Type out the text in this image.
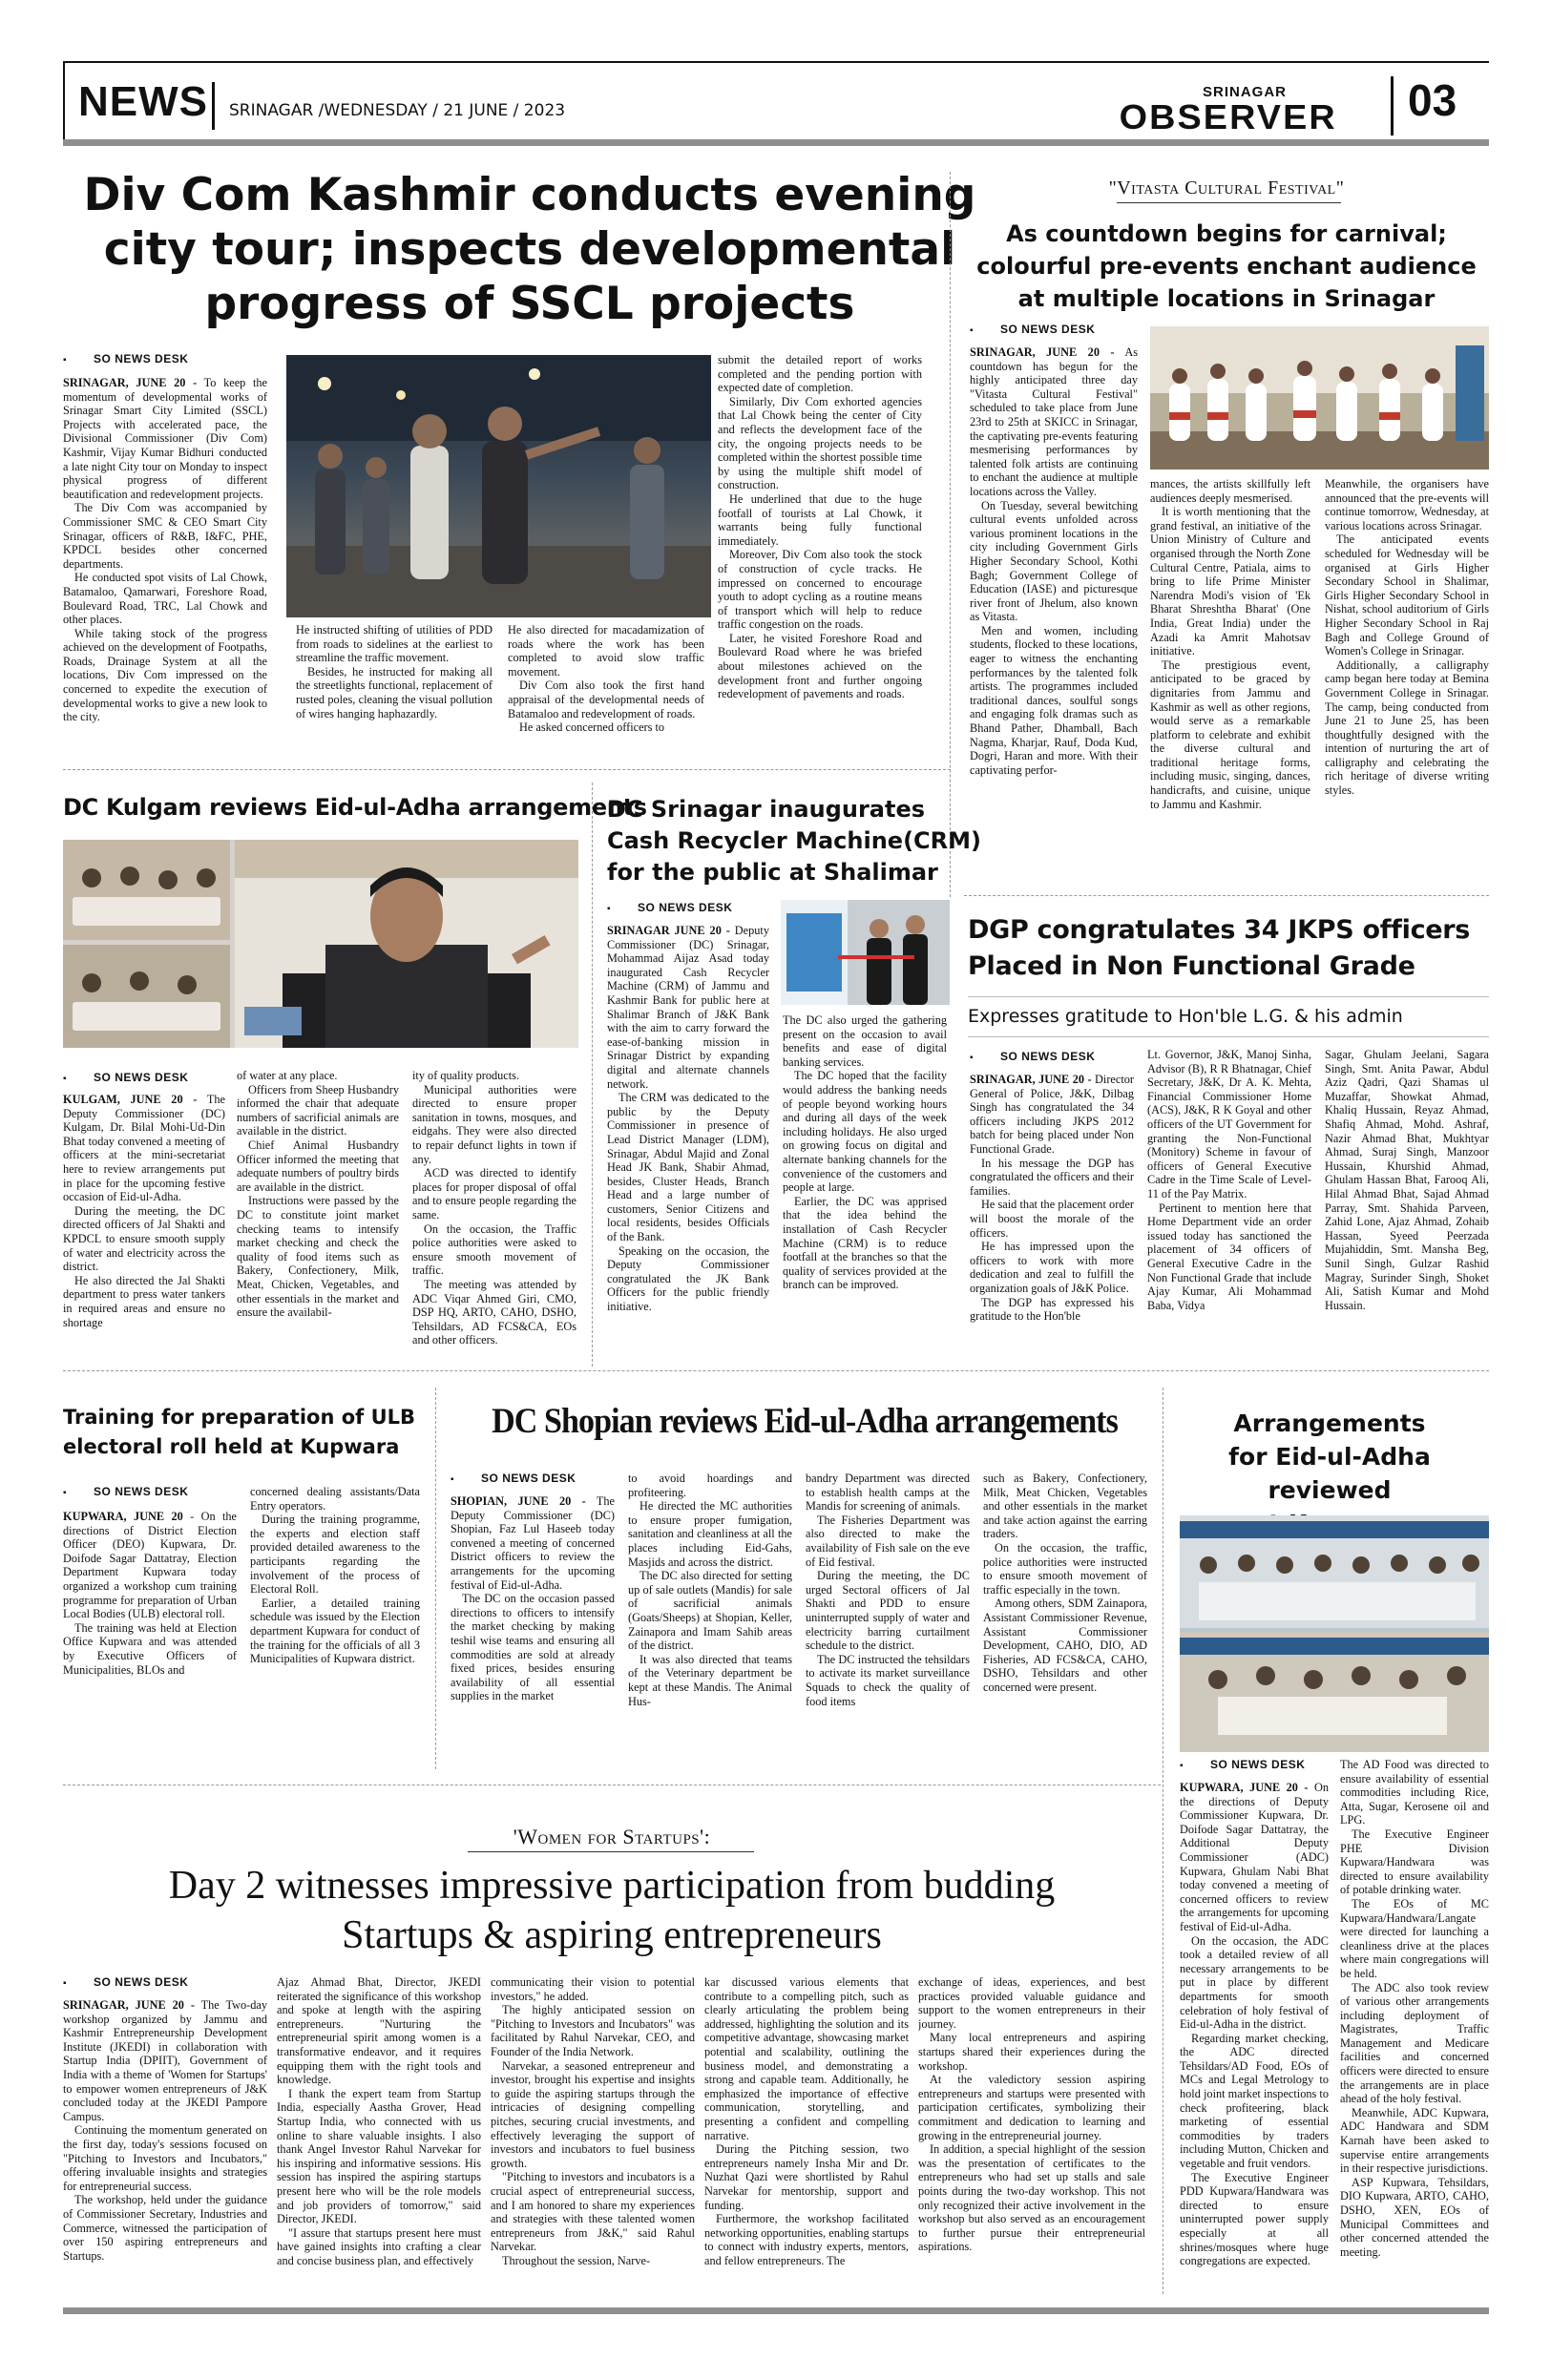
NEWS SRINAGAR /WEDNESDAY / 21 JUNE / 2023
SRINAGAR
OBSERVER 03
Div Com Kashmir conducts evening
city tour; inspects developmental
progress of SSCL projects
▪ SO NEWS DESK

SRINAGAR, JUNE 20 - To keep the momentum of developmental works of Srinagar Smart City Limited (SSCL) Projects with accelerated pace, the Divisional Commissioner (Div Com) Kashmir, Vijay Kumar Bidhuri conducted a late night City tour on Monday to inspect physical progress of different beautification and redevelopment projects.

The Div Com was accompanied by Commissioner SMC & CEO Smart City Srinagar, officers of R&B, I&FC, PHE, KPDCL besides other concerned departments.

He conducted spot visits of Lal Chowk, Batamaloo, Qamarwari, Foreshore Road, Boulevard Road, TRC, Lal Chowk and other places.

While taking stock of the progress achieved on the development of Footpaths, Roads, Drainage System at all the locations, Div Com impressed on the concerned to expedite the execution of developmental works to give a new look to the city.

He instructed shifting of utilities of PDD from roads to sidelines at the earliest to streamline the traffic movement.

Besides, he instructed for making all the streetlights functional, replacement of rusted poles, cleaning the visual pollution of wires hanging haphazardly.

He also directed for macadamization of roads where the work has been completed to avoid slow traffic movement.

Div Com also took the first hand appraisal of the developmental needs of Batamaloo and redevelopment of roads.

He asked concerned officers to

submit the detailed report of works completed and the pending portion with expected date of completion.

Similarly, Div Com exhorted agencies that Lal Chowk being the center of City and reflects the development face of the city, the ongoing projects needs to be completed within the shortest possible time by using the multiple shift model of construction.

He underlined that due to the huge footfall of tourists at Lal Chowk, it warrants being fully functional immediately.

Moreover, Div Com also took the stock of construction of cycle tracks. He impressed on concerned to encourage youth to adopt cycling as a routine means of transport which will help to reduce traffic congestion on the roads.

Later, he visited Foreshore Road and Boulevard Road where he was briefed about milestones achieved on the development front and further ongoing redevelopment of pavements and roads.

"Vitasta Cultural Festival"
As countdown begins for carnival;
colourful pre-events enchant audience
at multiple locations in Srinagar
▪ SO NEWS DESK

SRINAGAR, JUNE 20 - As countdown has begun for the highly anticipated three day "Vitasta Cultural Festival" scheduled to take place from June 23rd to 25th at SKICC in Srinagar, the captivating pre-events featuring mesmerising performances by talented folk artists are continuing to enchant the audience at multiple locations across the Valley.

On Tuesday, several bewitching cultural events unfolded across various prominent locations in the city including Government Girls Higher Secondary School, Kothi Bagh; Government College of Education (IASE) and picturesque river front of Jhelum, also known as Vitasta.

Men and women, including students, flocked to these locations, eager to witness the enchanting performances by the talented folk artists. The programmes included traditional dances, soulful songs and engaging folk dramas such as Bhand Pather, Dhamball, Bach Nagma, Kharjar, Rauf, Doda Kud, Dogri, Haran and more. With their captivating perfor-

mances, the artists skillfully left audiences deeply mesmerised.

It is worth mentioning that the grand festival, an initiative of the Union Ministry of Culture and organised through the North Zone Cultural Centre, Patiala, aims to bring to life Prime Minister Narendra Modi's vision of 'Ek Bharat Shreshtha Bharat' (One India, Great India) under the Azadi ka Amrit Mahotsav initiative.

The prestigious event, anticipated to be graced by dignitaries from Jammu and Kashmir as well as other regions, would serve as a remarkable platform to celebrate and exhibit the diverse cultural and traditional heritage forms, including music, singing, dances, handicrafts, and cuisine, unique to Jammu and Kashmir.

Meanwhile, the organisers have announced that the pre-events will continue tomorrow, Wednesday, at various locations across Srinagar.

The anticipated events scheduled for Wednesday will be organised at Girls Higher Secondary School in Shalimar, Girls Higher Secondary School in Nishat, school auditorium of Girls Higher Secondary School in Raj Bagh and College Ground of Women's College in Srinagar.

Additionally, a calligraphy camp began here today at Bemina Government College in Srinagar. The camp, being conducted from June 21 to June 25, has been thoughtfully designed with the intention of nurturing the art of calligraphy and celebrating the rich heritage of diverse writing styles.

DC Kulgam reviews Eid-ul-Adha arrangements
▪ SO NEWS DESK

KULGAM, JUNE 20 - The Deputy Commissioner (DC) Kulgam, Dr. Bilal Mohi-Ud-Din Bhat today convened a meeting of officers at the mini-secretariat here to review arrangements put in place for the upcoming festive occasion of Eid-ul-Adha.

During the meeting, the DC directed officers of Jal Shakti and KPDCL to ensure smooth supply of water and electricity across the district.

He also directed the Jal Shakti department to press water tankers in required areas and ensure no shortage

of water at any place.

Officers from Sheep Husbandry informed the chair that adequate numbers of sacrificial animals are available in the district.

Chief Animal Husbandry Officer informed the meeting that adequate numbers of poultry birds are available in the district.

Instructions were passed by the DC to constitute joint market checking teams to intensify market checking and check the quality of food items such as Bakery, Confectionery, Milk, Meat, Chicken, Vegetables, and other essentials in the market and ensure the availabil-

ity of quality products.

Municipal authorities were directed to ensure proper sanitation in towns, mosques, and eidgahs. They were also directed to repair defunct lights in town if any.

ACD was directed to identify places for proper disposal of offal and to ensure people regarding the same.

On the occasion, the Traffic police authorities were asked to ensure smooth movement of traffic.

The meeting was attended by ADC Viqar Ahmed Giri, CMO, DSP HQ, ARTO, CAHO, DSHO, Tehsildars, AD FCS&CA, EOs and other officers.

DC Srinagar inaugurates
Cash Recycler Machine(CRM)
for the public at Shalimar
▪ SO NEWS DESK

SRINAGAR JUNE 20 - Deputy Commissioner (DC) Srinagar, Mohammad Aijaz Asad today inaugurated Cash Recycler Machine (CRM) of Jammu and Kashmir Bank for public here at Shalimar Branch of J&K Bank with the aim to carry forward the ease-of-banking mission in Srinagar District by expanding digital and alternate channels network.

The CRM was dedicated to the public by the Deputy Commissioner in presence of Lead District Manager (LDM), Srinagar, Abdul Majid and Zonal Head JK Bank, Shabir Ahmad, besides, Cluster Heads, Branch Head and a large number of customers, Senior Citizens and local residents, besides Officials of the Bank.

Speaking on the occasion, the Deputy Commissioner congratulated the JK Bank Officers for the public friendly initiative.

The DC also urged the gathering present on the occasion to avail benefits and ease of digital banking services.

The DC hoped that the facility would address the banking needs of people beyond working hours and during all days of the week including holidays. He also urged on growing focus on digital and alternate banking channels for the convenience of the customers and people at large.

Earlier, the DC was apprised that the idea behind the installation of Cash Recycler Machine (CRM) is to reduce footfall at the branches so that the quality of services provided at the branch can be improved.

DGP congratulates 34 JKPS officers
Placed in Non Functional Grade
Expresses gratitude to Hon'ble L.G. & his admin
▪ SO NEWS DESK

SRINAGAR, JUNE 20 - Director General of Police, J&K, Dilbag Singh has congratulated the 34 officers including JKPS 2012 batch for being placed under Non Functional Grade.

In his message the DGP has congratulated the officers and their families.

He said that the placement order will boost the morale of the officers.

He has impressed upon the officers to work with more dedication and zeal to fulfill the organization goals of J&K Police.

The DGP has expressed his gratitude to the Hon'ble

Lt. Governor, J&K, Manoj Sinha, Advisor (B), R R Bhatnagar, Chief Secretary, J&K, Dr A. K. Mehta, Financial Commissioner Home (ACS), J&K, R K Goyal and other officers of the UT Government for granting the Non-Functional (Monitory) Scheme in favour of officers of General Executive Cadre in the Time Scale of Level-11 of the Pay Matrix.

Pertinent to mention here that Home Department vide an order issued today has sanctioned the placement of 34 officers of General Executive Cadre in the Non Functional Grade that include Ajay Kumar, Ali Mohammad Baba, Vidya

Sagar, Ghulam Jeelani, Sagara Singh, Smt. Anita Pawar, Abdul Aziz Qadri, Qazi Shamas ul Muzaffar, Showkat Ahmad, Khaliq Hussain, Reyaz Ahmad, Shafiq Ahmad, Mohd. Ashraf, Nazir Ahmad Bhat, Mukhtyar Ahmad, Suraj Singh, Manzoor Hussain, Khurshid Ahmad, Ghulam Hassan Bhat, Farooq Ali, Hilal Ahmad Bhat, Sajad Ahmad Parray, Smt. Shahida Parveen, Zahid Lone, Ajaz Ahmad, Zohaib Hassan, Syeed Peerzada Mujahiddin, Smt. Mansha Beg, Sunil Singh, Gulzar Rashid Magray, Surinder Singh, Shoket Ali, Satish Kumar and Mohd Hussain.

Training for preparation of ULB
electoral roll held at Kupwara
▪ SO NEWS DESK

KUPWARA, JUNE 20 - On the directions of District Election Officer (DEO) Kupwara, Dr. Doifode Sagar Dattatray, Election Department Kupwara today organized a workshop cum training programme for preparation of Urban Local Bodies (ULB) electoral roll.

The training was held at Election Office Kupwara and was attended by Executive Officers of Municipalities, BLOs and

concerned dealing assistants/Data Entry operators.

During the training programme, the experts and election staff provided detailed awareness to the participants regarding the involvement of the process of Electoral Roll.

Earlier, a detailed training schedule was issued by the Election department Kupwara for conduct of the training for the officials of all 3 Municipalities of Kupwara district.

DC Shopian reviews Eid-ul-Adha arrangements
▪ SO NEWS DESK

SHOPIAN, JUNE 20 - The Deputy Commissioner (DC) Shopian, Faz Lul Haseeb today convened a meeting of concerned District officers to review the arrangements for the upcoming festival of Eid-ul-Adha.

The DC on the occasion passed directions to officers to intensify the market checking by making teshil wise teams and ensuring all commodities are sold at already fixed prices, besides ensuring availability of all essential supplies in the market

to avoid hoardings and profiteering.

He directed the MC authorities to ensure proper fumigation, sanitation and cleanliness at all the places including Eid-Gahs, Masjids and across the district.

The DC also directed for setting up of sale outlets (Mandis) for sale of sacrificial animals (Goats/Sheeps) at Shopian, Keller, Zainapora and Imam Sahib areas of the district.

It was also directed that teams of the Veterinary department be kept at these Mandis. The Animal Hus-

bandry Department was directed to establish health camps at the Mandis for screening of animals.

The Fisheries Department was also directed to make the availability of Fish sale on the eve of Eid festival.

During the meeting, the DC urged Sectoral officers of Jal Shakti and PDD to ensure uninterrupted supply of water and electricity barring curtailment schedule to the district.

The DC instructed the tehsildars to activate its market surveillance Squads to check the quality of food items

such as Bakery, Confectionery, Milk, Meat Chicken, Vegetables and other essentials in the market and take action against the earring traders.

On the occasion, the traffic, police authorities were instructed to ensure smooth movement of traffic especially in the town.

Among others, SDM Zainapora, Assistant Commissioner Revenue, Assistant Commissioner Development, CAHO, DIO, AD Fisheries, AD FCS&CA, CAHO, DSHO, Tehsildars and other concerned were present.

Arrangements
for Eid-ul-Adha reviewed
▪ SO NEWS DESK

KUPWARA, JUNE 20 - On the directions of Deputy Commissioner Kupwara, Dr. Doifode Sagar Dattatray, the Additional Deputy Commissioner (ADC) Kupwara, Ghulam Nabi Bhat today convened a meeting of concerned officers to review the arrangements for upcoming festival of Eid-ul-Adha.

On the occasion, the ADC took a detailed review of all necessary arrangements to be put in place by different departments for smooth celebration of holy festival of Eid-ul-Adha in the district.

Regarding market checking, the ADC directed Tehsildars/AD Food, EOs of MCs and Legal Metrology to hold joint market inspections to check profiteering, black marketing of essential commodities by traders including Mutton, Chicken and vegetable and fruit vendors.

The Executive Engineer PDD Kupwara/Handwara was directed to ensure uninterrupted power supply especially at all shrines/mosques where huge congregations are expected.

The AD Food was directed to ensure availability of essential commodities including Rice, Atta, Sugar, Kerosene oil and LPG.

The Executive Engineer PHE Division Kupwara/Handwara was directed to ensure availability of potable drinking water.

The EOs of MC Kupwara/Handwara/Langate were directed for launching a cleanliness drive at the places where main congregations will be held.

The ADC also took review of various other arrangements including deployment of Magistrates, Traffic Management and Medicare facilities and concerned officers were directed to ensure the arrangements are in place ahead of the holy festival.

Meanwhile, ADC Kupwara, ADC Handwara and SDM Karnah have been asked to supervise entire arrangements in their respective jurisdictions.

ASP Kupwara, Tehsildars, DIO Kupwara, ARTO, CAHO, DSHO, XEN, EOs of Municipal Committees and other concerned attended the meeting.

'Women for Startups':
Day 2 witnesses impressive participation from budding
Startups & aspiring entrepreneurs
▪ SO NEWS DESK

SRINAGAR, JUNE 20 - The Two-day workshop organized by Jammu and Kashmir Entrepreneurship Development Institute (JKEDI) in collaboration with Startup India (DPIIT), Government of India with a theme of 'Women for Startups' to empower women entrepreneurs of J&K concluded today at the JKEDI Pampore Campus.

Continuing the momentum generated on the first day, today's sessions focused on "Pitching to Investors and Incubators," offering invaluable insights and strategies for entrepreneurial success.

The workshop, held under the guidance of Commissioner Secretary, Industries and Commerce, witnessed the participation of over 150 aspiring entrepreneurs and Startups.

Ajaz Ahmad Bhat, Director, JKEDI reiterated the significance of this workshop and spoke at length with the aspiring entrepreneurs. "Nurturing the entrepreneurial spirit among women is a transformative endeavor, and it requires equipping them with the right tools and knowledge.

I thank the expert team from Startup India, especially Aastha Grover, Head Startup India, who connected with us online to share valuable insights. I also thank Angel Investor Rahul Narvekar for his inspiring and informative sessions. His session has inspired the aspiring startups present here who will be the role models and job providers of tomorrow," said Director, JKEDI.

"I assure that startups present here must have gained insights into crafting a clear and concise business plan, and effectively

communicating their vision to potential investors," he added.

The highly anticipated session on "Pitching to Investors and Incubators" was facilitated by Rahul Narvekar, CEO, and Founder of the India Network.

Narvekar, a seasoned entrepreneur and investor, brought his expertise and insights to guide the aspiring startups through the intricacies of designing compelling pitches, securing crucial investments, and effectively leveraging the support of investors and incubators to fuel business growth.

"Pitching to investors and incubators is a crucial aspect of entrepreneurial success, and I am honored to share my experiences and strategies with these talented women entrepreneurs from J&K," said Rahul Narvekar.

Throughout the session, Narve-

kar discussed various elements that contribute to a compelling pitch, such as clearly articulating the problem being addressed, highlighting the solution and its competitive advantage, showcasing market potential and scalability, outlining the business model, and demonstrating a strong and capable team. Additionally, he emphasized the importance of effective communication, storytelling, and presenting a confident and compelling narrative.

During the Pitching session, two entrepreneurs namely Insha Mir and Dr. Nuzhat Qazi were shortlisted by Rahul Narvekar for mentorship, support and funding.

Furthermore, the workshop facilitated networking opportunities, enabling startups to connect with industry experts, mentors, and fellow entrepreneurs. The

exchange of ideas, experiences, and best practices provided valuable guidance and support to the women entrepreneurs in their journey.

Many local entrepreneurs and aspiring startups shared their experiences during the workshop.

At the valedictory session aspiring entrepreneurs and startups were presented with participation certificates, symbolizing their commitment and dedication to learning and growing in the entrepreneurial journey.

In addition, a special highlight of the session was the presentation of certificates to the entrepreneurs who had set up stalls and sale points during the two-day workshop. This not only recognized their active involvement in the workshop but also served as an encouragement to further pursue their entrepreneurial aspirations.
